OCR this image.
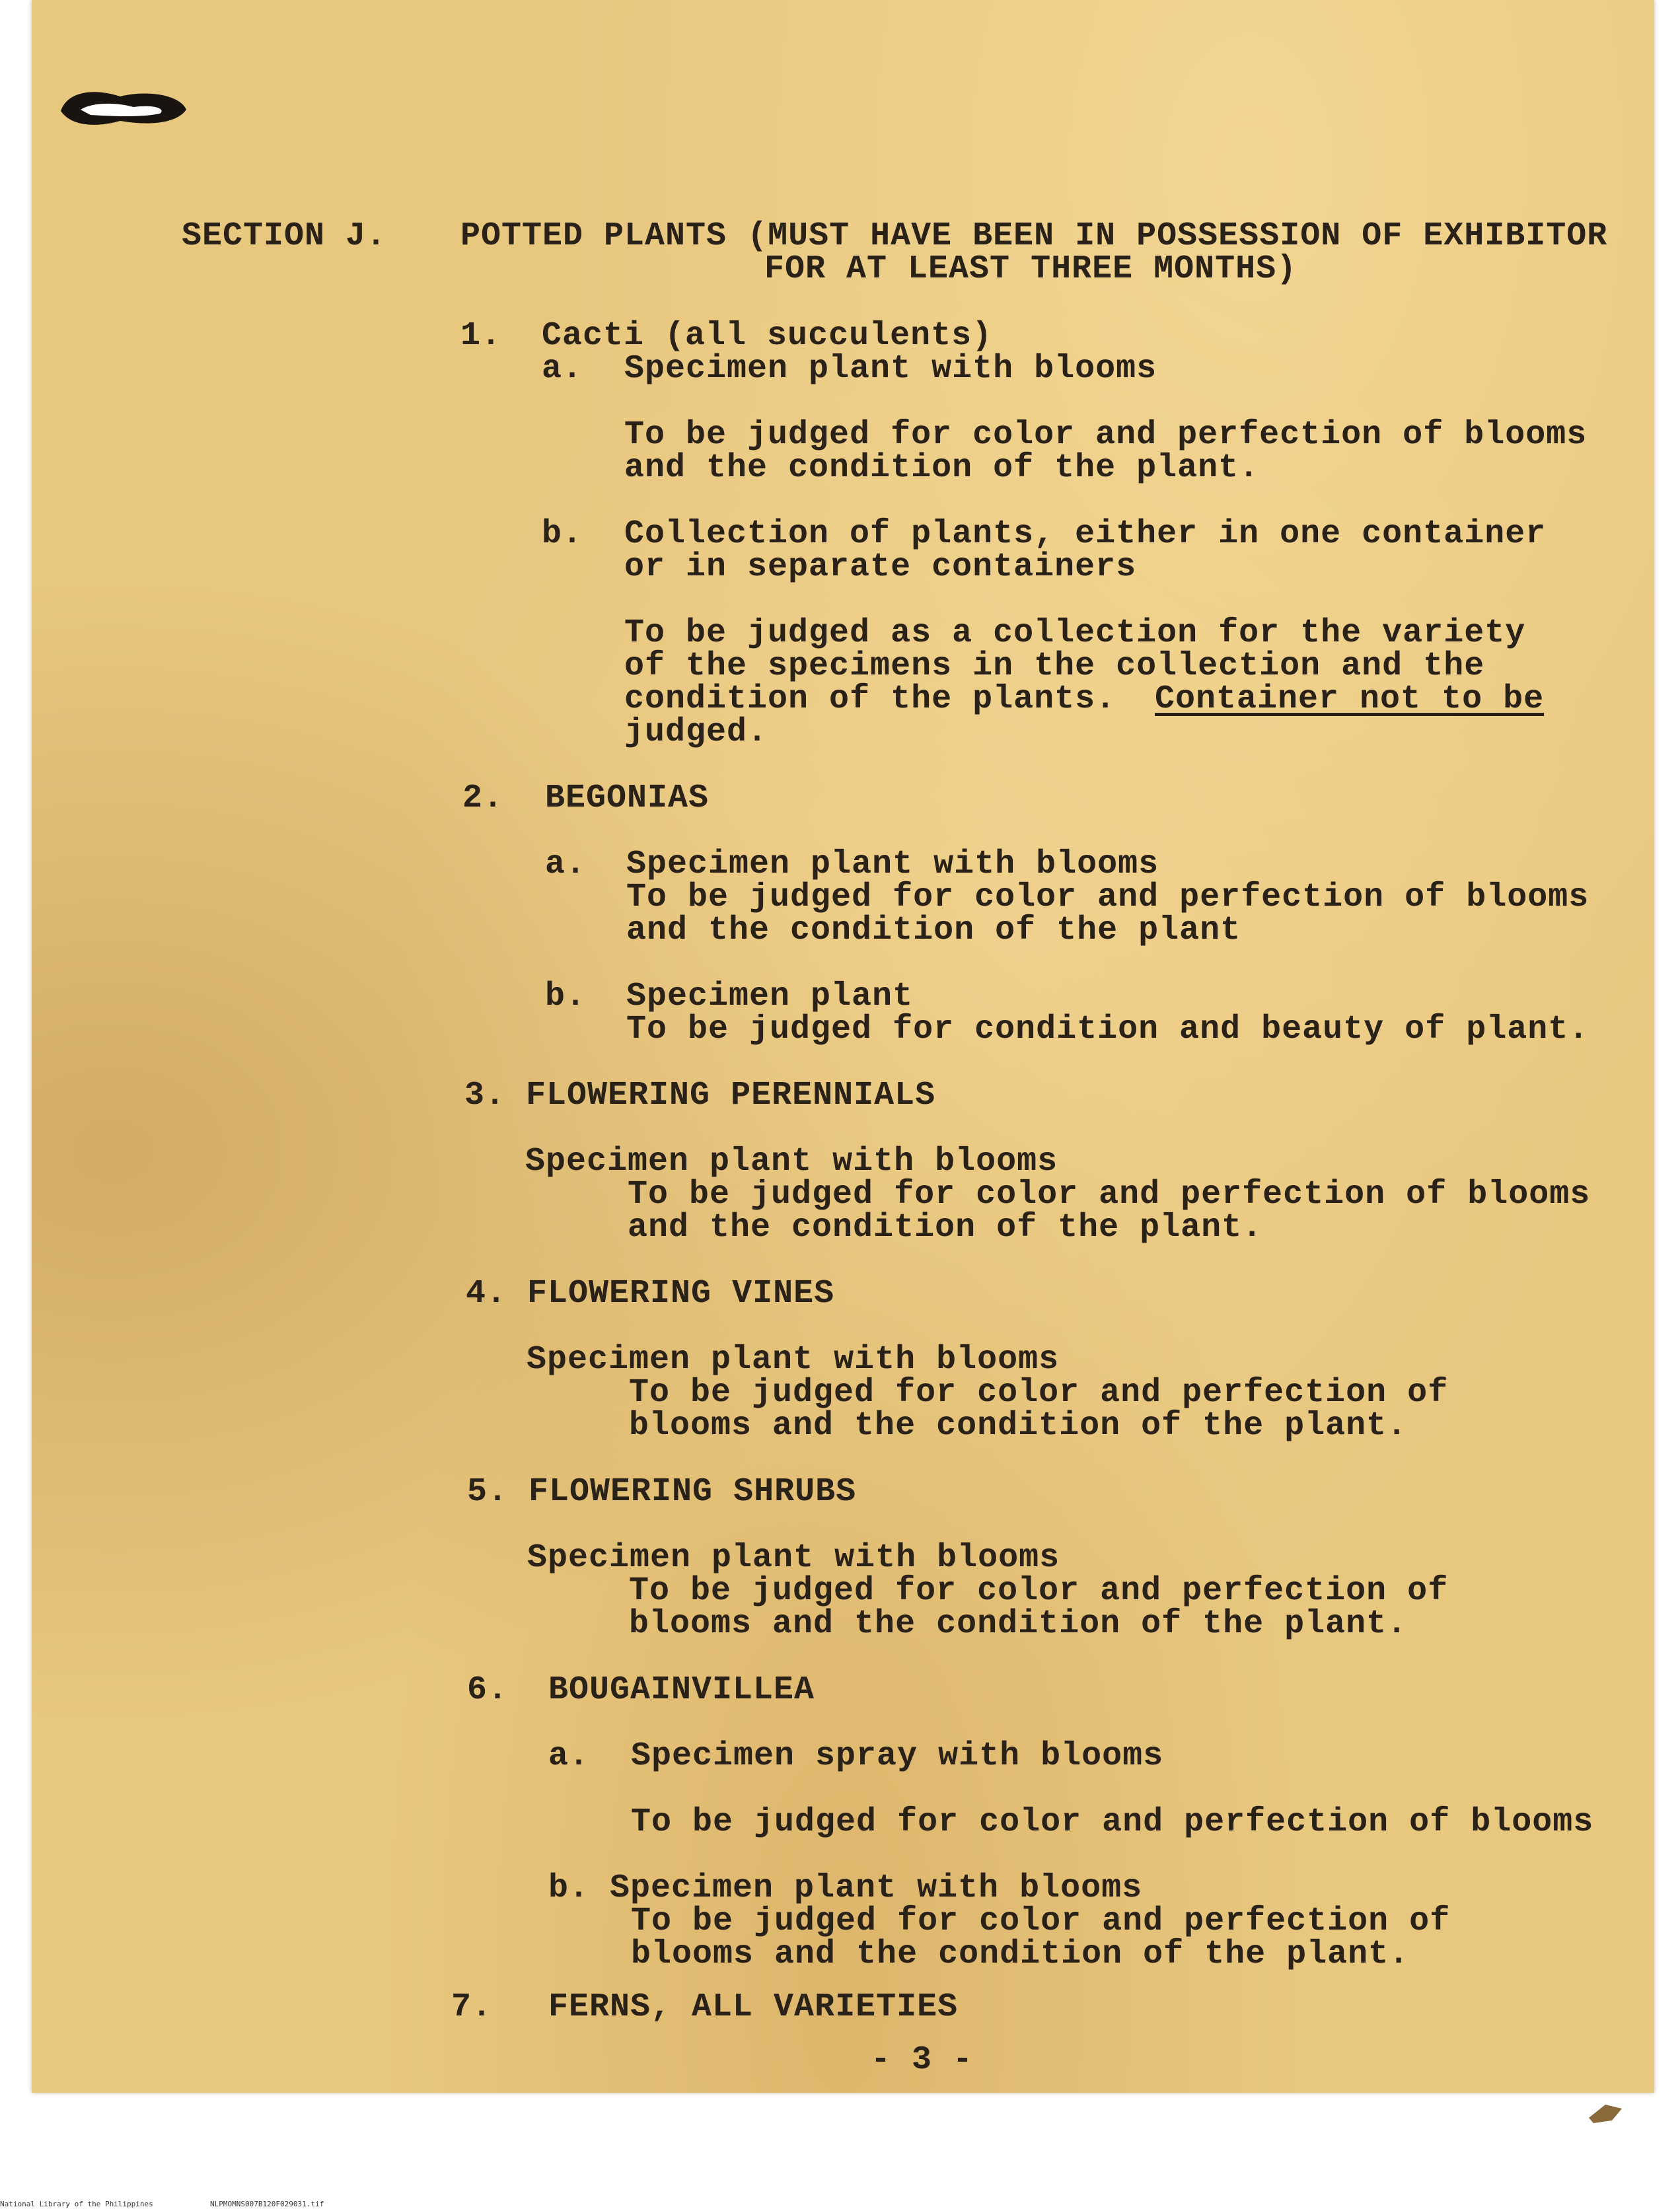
SECTION J. POTTED PLANTS (MUST HAVE BEEN IN POSSESSION OF EXHIBITOR
FOR AT LEAST THREE MONTHS)
1. Cacti (all succulents)
a. Specimen plant with blooms
To be judged for color and perfection of blooms
and the condition of the plant.
b. Collection of plants, either in one container
or in separate containers
To be judged as a collection for the variety
of the specimens in the collection and the
condition of the plants. Container not to be
judged.
2. BEGONIAS
a. Specimen plant with blooms
To be judged for color and perfection of blooms
and the condition of the plant
b. Specimen plant
To be judged for condition and beauty of plant.
3. FLOWERING PERENNIALS
Specimen plant with blooms
To be judged for color and perfection of blooms
and the condition of the plant.
4. FLOWERING VINES
Specimen plant with blooms
To be judged for color and perfection of
blooms and the condition of the plant.
5. FLOWERING SHRUBS
Specimen plant with blooms
To be judged for color and perfection of
blooms and the condition of the plant.
6. BOUGAINVILLEA
a. Specimen spray with blooms
To be judged for color and perfection of blooms
b. Specimen plant with blooms
To be judged for color and perfection of
blooms and the condition of the plant.
7. FERNS, ALL VARIETIES
- 3 -
National Library of the Philippines	NLPMOMNS007B120F029031.tif
